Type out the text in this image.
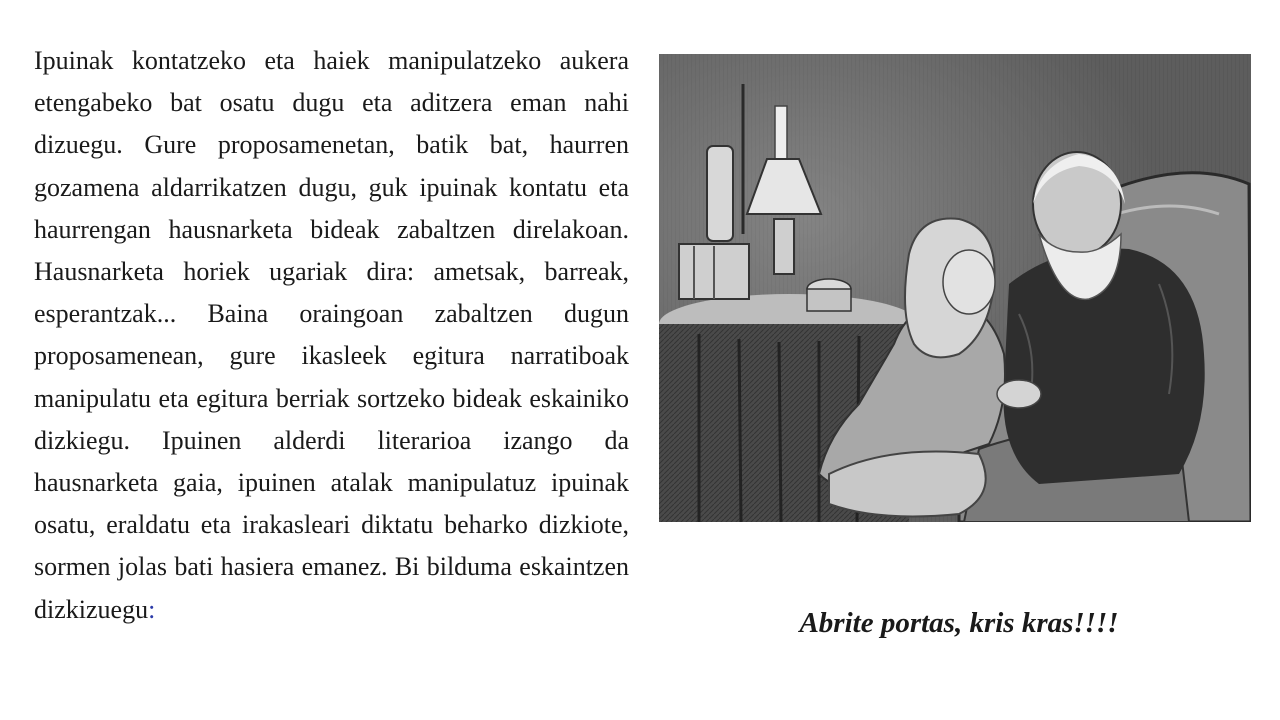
Ipuinak kontatzeko eta haiek manipulatzeko aukera etengabeko bat osatu dugu eta aditzera eman nahi dizuegu. Gure proposamenetan, batik bat, haurren gozamena aldarrikatzen dugu, guk ipuinak kontatu eta haurrengan hausnarketa bideak zabaltzen direlakoan. Hausnarketa horiek ugariak dira: ametsak, barreak, esperantzak... Baina oraingoan zabaltzen dugun proposamenean, gure ikasleek egitura narratiboak manipulatu eta egitura berriak sortzeko bideak eskainiko dizkiegu. Ipuinen alderdi literarioa izango da hausnarketa gaia, ipuinen atalak manipulatuz ipuinak osatu, eraldatu eta irakasleari diktatu beharko dizkiote, sormen jolas bati hasiera emanez. Bi bilduma eskaintzen dizkizuegu:	Abrite portas, kris kras!!!!
